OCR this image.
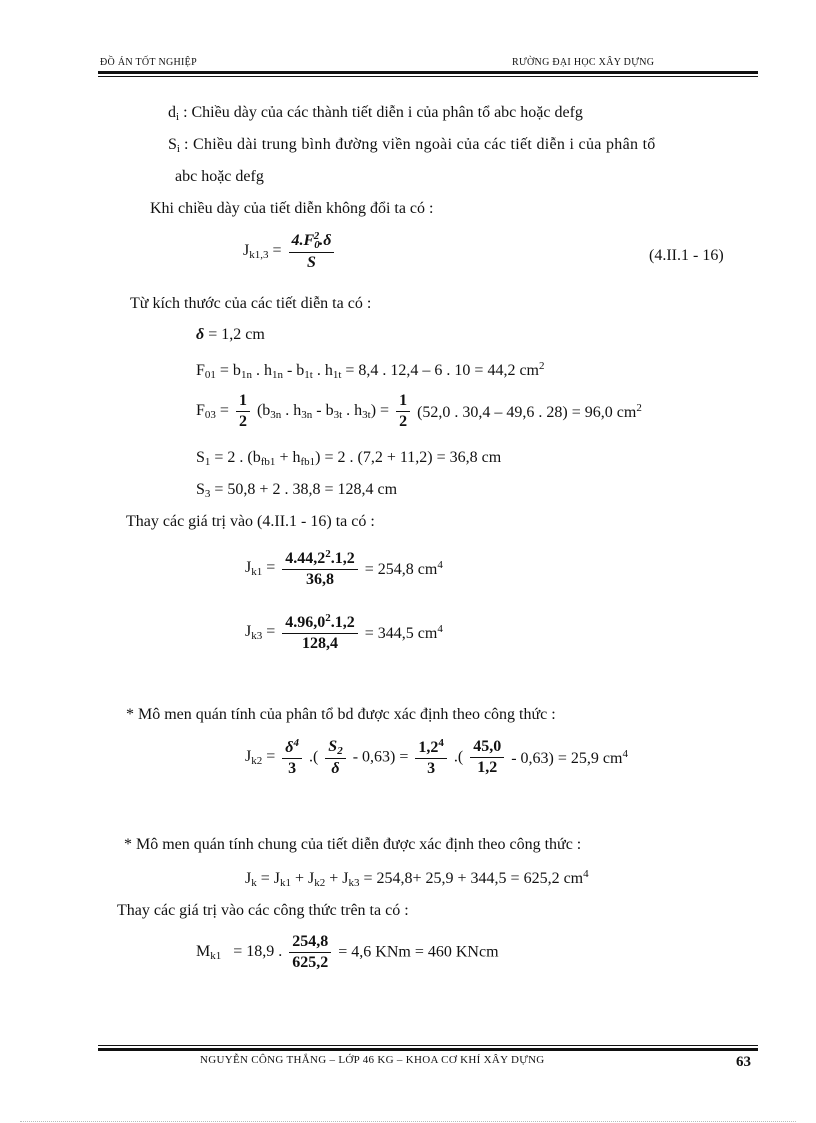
ĐỒ ÁN TỐT NGHIỆP	RƯỜNG ĐẠI HỌC XÂY DỰNG
$d_i$ : Chiều dày của các thành tiết diễn i của phân tổ abc hoặc defg
$S_i$ : Chiều dài trung bình đường viền ngoài của các tiết diễn i của phân tổ
abc hoặc defg
Khi chiều dày của tiết diễn không đổi ta có :
$J_{k1,3} = \frac{4.F_0^2.\delta}{S}$	(4.II.1 - 16)
Từ kích thước của các tiết diễn ta có :
δ = 1,2 cm
$F_{01} = b_{1n}$ . $h_{1n} - b_{1t}$ . $h_{1t} = 8,4$ . 12,4 – 6 . 10 = 44,2 $cm^2$
$F_{03} = \frac{1}{2} (b_{3n}$ . $h_{3n} - b_{3t}$ . $h_{3t}) = \frac{1}{2} (52,0$ . 30,4 – 49,6 . 28) = 96,0 $cm^2$
$S_1 = 2$ . $(b_{fb1} + h_{fb1}) = 2$ . (7,2 + 11,2) = 36,8 cm
$S_3 = 50,8 + 2$ . 38,8 = 128,4 cm
Thay các giá trị vào (4.II.1 - 16) ta có :
$J_{k1} = \frac{4.44,2^2.1,2}{36,8} = 254,8$ $cm^4$
$J_{k3} = \frac{4.96,0^2.1,2}{128,4} = 344,5$ $cm^4$
* Mô men quán tính của phân tổ bd được xác định theo công thức :
$J_{k2} = \frac{\delta^4}{3}$ .( $\frac{S_2}{\delta} - 0,63) = \frac{1,2^4}{3}$ .( $\frac{45,0}{1,2} - 0,63) = 25,9$ $cm^4$
* Mô men quán tính chung của tiết diễn được xác định theo công thức :
$J_k = J_{k1} + J_{k2} + J_{k3} = 254,8+ 25,9 + 344,5 = 625,2$ $cm^4$
Thay các giá trị vào các công thức trên ta có :
$M_{k1} = 18,9$ . $\frac{254,8}{625,2} = 4,6$ KNm = 460 KNcm
NGUYỄN CÔNG THẮNG – LỚP 46 KG – KHOA CƠ KHÍ XÂY DỰNG	63
